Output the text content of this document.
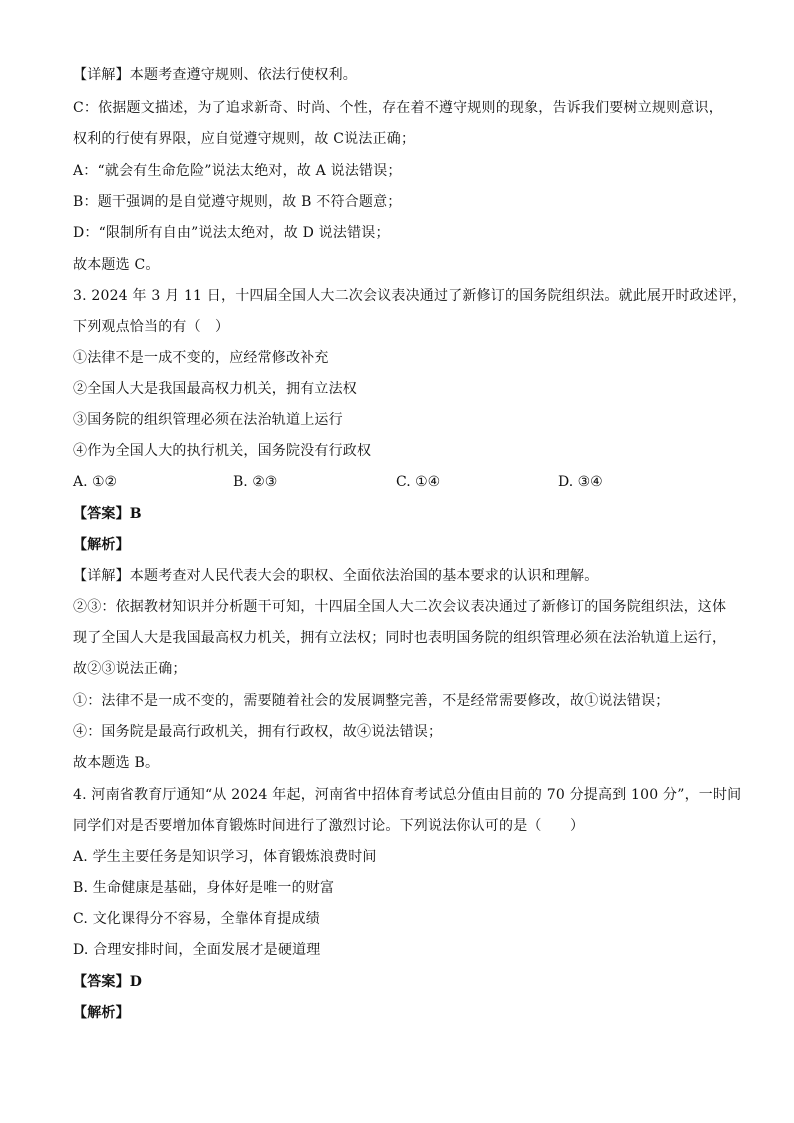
【详解】本题考查遵守规则、依法行使权利。
C：依据题文描述，为了追求新奇、时尚、个性，存在着不遵守规则的现象，告诉我们要树立规则意识，
权利的行使有界限，应自觉遵守规则，故 C说法正确；
A：“就会有生命危险”说法太绝对，故 A 说法错误；
B：题干强调的是自觉遵守规则，故 B 不符合题意；
D：“限制所有自由”说法太绝对，故 D 说法错误；
故本题选 C。
3. 2024 年 3 月 11 日，十四届全国人大二次会议表决通过了新修订的国务院组织法。就此展开时政述评，
下列观点恰当的有（　）
①法律不是一成不变的，应经常修改补充
②全国人大是我国最高权力机关，拥有立法权
③国务院的组织管理必须在法治轨道上运行
④作为全国人大的执行机关，国务院没有行政权
A. ①②	B. ②③	C. ①④	D. ③④
【答案】B
【解析】
【详解】本题考查对人民代表大会的职权、全面依法治国的基本要求的认识和理解。
②③：依据教材知识并分析题干可知，十四届全国人大二次会议表决通过了新修订的国务院组织法，这体
现了全国人大是我国最高权力机关，拥有立法权；同时也表明国务院的组织管理必须在法治轨道上运行，
故②③说法正确；
①：法律不是一成不变的，需要随着社会的发展调整完善，不是经常需要修改，故①说法错误；
④：国务院是最高行政机关，拥有行政权，故④说法错误；
故本题选 B。
4. 河南省教育厅通知“从 2024 年起，河南省中招体育考试总分值由目前的 70 分提高到 100 分”，一时间
同学们对是否要增加体育锻炼时间进行了激烈讨论。下列说法你认可的是（　　）
A. 学生主要任务是知识学习，体育锻炼浪费时间
B. 生命健康是基础，身体好是唯一的财富
C. 文化课得分不容易，全靠体育提成绩
D. 合理安排时间，全面发展才是硬道理
【答案】D
【解析】
